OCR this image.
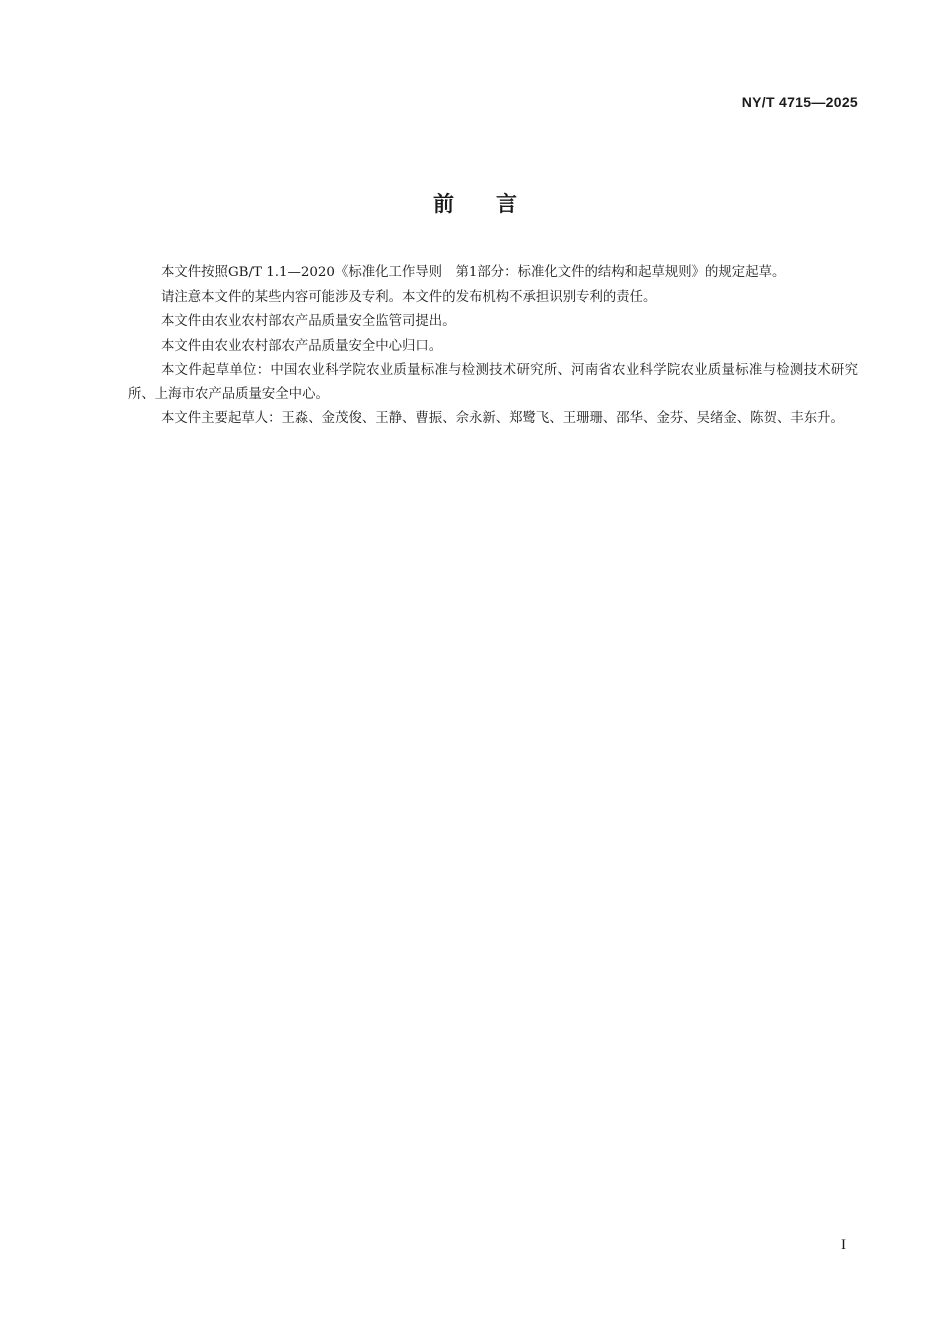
NY/T 4715—2025
前言

本文件按照GB/T 1.1—2020《标准化工作导则　第1部分：标准化文件的结构和起草规则》的规定起草。

请注意本文件的某些内容可能涉及专利。本文件的发布机构不承担识别专利的责任。

本文件由农业农村部农产品质量安全监管司提出。

本文件由农业农村部农产品质量安全中心归口。

本文件起草单位：中国农业科学院农业质量标准与检测技术研究所、河南省农业科学院农业质量标准与检测技术研究所、上海市农产品质量安全中心。

本文件主要起草人：王淼、金茂俊、王静、曹振、佘永新、郑鹭飞、王珊珊、邵华、金芬、吴绪金、陈贺、丰东升。

I
